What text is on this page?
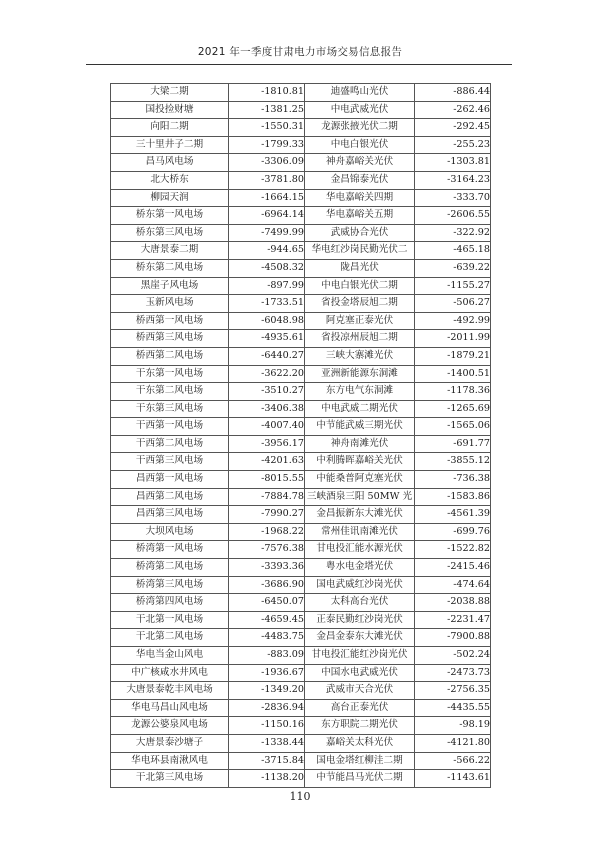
2021 年一季度甘肃电力市场交易信息报告
大梁二期	-1810.81	迪盛鸣山光伏	-886.44
国投捡财塘	-1381.25	中电武威光伏	-262.46
向阳二期	-1550.31	龙源张掖光伏二期	-292.45
三十里井子二期	-1799.33	中电白银光伏	-255.23
昌马风电场	-3306.09	神舟嘉峪关光伏	-1303.81
北大桥东	-3781.80	金昌锦泰光伏	-3164.23
柳园天润	-1664.15	华电嘉峪关四期	-333.70
桥东第一风电场	-6964.14	华电嘉峪关五期	-2606.55
桥东第三风电场	-7499.99	武威协合光伏	-322.92
大唐景泰二期	-944.65	华电红沙岗民勤光伏二	-465.18
桥东第二风电场	-4508.32	陇昌光伏	-639.22
黑崖子风电场	-897.99	中电白银光伏二期	-1155.27
玉新风电场	-1733.51	省投金塔辰旭二期	-506.27
桥西第一风电场	-6048.98	阿克塞正泰光伏	-492.99
桥西第三风电场	-4935.61	省投凉州辰旭二期	-2011.99
桥西第二风电场	-6440.27	三峡大寨滩光伏	-1879.21
干东第一风电场	-3622.20	亚洲新能源东洞滩	-1400.51
干东第二风电场	-3510.27	东方电气东洞滩	-1178.36
干东第三风电场	-3406.38	中电武威二期光伏	-1265.69
干西第一风电场	-4007.40	中节能武威三期光伏	-1565.06
干西第二风电场	-3956.17	神舟南滩光伏	-691.77
干西第三风电场	-4201.63	中利腾晖嘉峪关光伏	-3855.12
昌西第一风电场	-8015.55	中能桑普阿克塞光伏	-736.38
昌西第二风电场	-7884.78	三峡酒泉三阳 50MW 光	-1583.86
昌西第三风电场	-7990.27	金昌振新东大滩光伏	-4561.39
大坝风电场	-1968.22	常州佳讯南滩光伏	-699.76
桥湾第一风电场	-7576.38	甘电投汇能水源光伏	-1522.82
桥湾第二风电场	-3393.36	粤水电金塔光伏	-2415.46
桥湾第三风电场	-3686.90	国电武威红沙岗光伏	-474.64
桥湾第四风电场	-6450.07	太科高台光伏	-2038.88
干北第一风电场	-4659.45	正泰民勤红沙岗光伏	-2231.47
干北第二风电场	-4483.75	金昌金泰东大滩光伏	-7900.88
华电当金山风电	-883.09	甘电投汇能红沙岗光伏	-502.24
中广核咸水井风电	-1936.67	中国水电武威光伏	-2473.73
大唐景泰乾丰风电场	-1349.20	武威市天合光伏	-2756.35
华电马昌山风电场	-2836.94	高台正泰光伏	-4435.55
龙源公婆泉风电场	-1150.16	东方职院二期光伏	-98.19
大唐景泰沙塘子	-1338.44	嘉峪关太科光伏	-4121.80
华电环县南湫风电	-3715.84	国电金塔红柳洼二期	-566.22
干北第三风电场	-1138.20	中节能昌马光伏二期	-1143.61
110
